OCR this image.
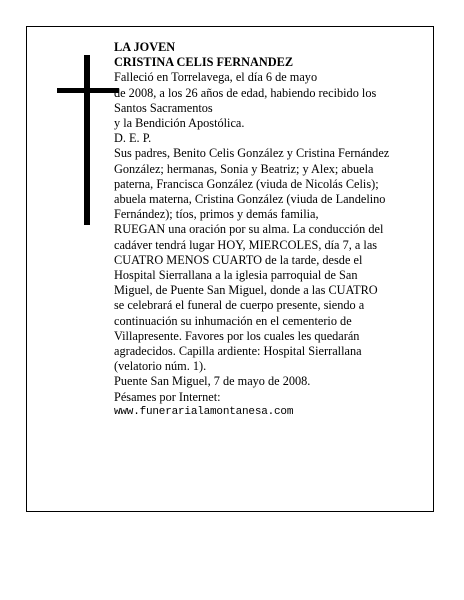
LA JOVEN
CRISTINA CELIS FERNANDEZ
Falleció en Torrelavega, el día 6 de mayo
de 2008, a los 26 años de edad, habiendo recibido los
Santos Sacramentos
y la Bendición Apostólica.
D. E. P.
Sus padres, Benito Celis González y Cristina Fernández
González; hermanas, Sonia y Beatriz; y Alex; abuela
paterna, Francisca González (viuda de Nicolás Celis);
abuela materna, Cristina González (viuda de Landelino
Fernández); tíos, primos y demás familia,
RUEGAN una oración por su alma. La conducción del
cadáver tendrá lugar HOY, MIERCOLES, día 7, a las
CUATRO MENOS CUARTO de la tarde, desde el
Hospital Sierrallana a la iglesia parroquial de San
Miguel, de Puente San Miguel, donde a las CUATRO
se celebrará el funeral de cuerpo presente, siendo a
continuación su inhumación en el cementerio de
Villapresente. Favores por los cuales les quedarán
agradecidos. Capilla ardiente: Hospital Sierrallana
(velatorio núm. 1).
Puente San Miguel, 7 de mayo de 2008.
Pésames por Internet:
www.funerarialamontanesa.com
